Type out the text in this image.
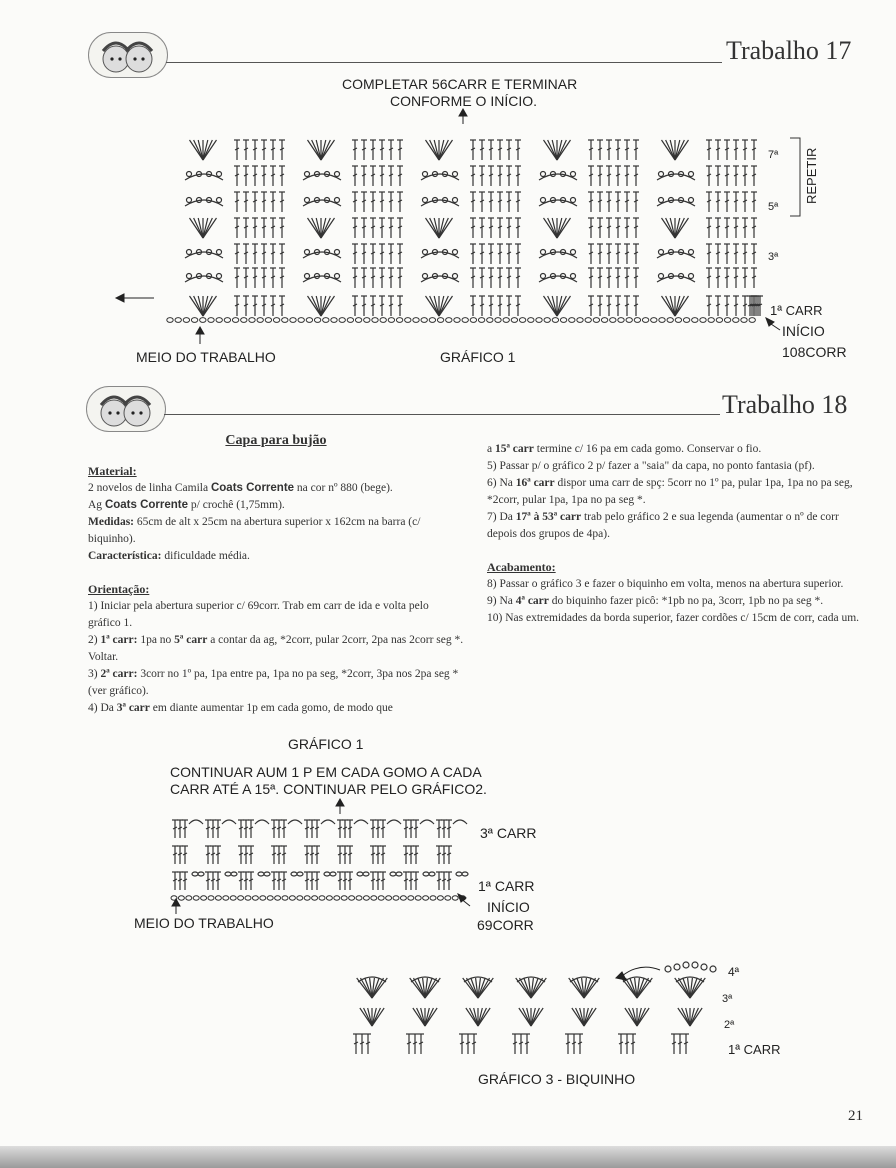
Trabalho 17
COMPLETAR 56CARR E TERMINAR
CONFORME O INÍCIO.
REPETIR
7ª
5ª
3ª
1ª CARR
INÍCIO
MEIO DO TRABALHO	GRÁFICO 1	108CORR
Trabalho 18

Capa para bujão

Material:

2 novelos de linha Camila Coats Corrente na cor nº 880 (bege).

Ag Coats Corrente p/ crochê (1,75mm).

Medidas: 65cm de alt x 25cm na abertura superior x 162cm na barra (c/ biquinho).

Característica: dificuldade média.

Orientação:

1) Iniciar pela abertura superior c/ 69corr. Trab em carr de ida e volta pelo gráfico 1.

2) 1ª carr: 1pa no 5ª carr a contar da ag, *2corr, pular 2corr, 2pa nas 2corr seg *. Voltar.

3) 2ª carr: 3corr no 1º pa, 1pa entre pa, 1pa no pa seg, *2corr, 3pa nos 2pa seg * (ver gráfico).

4) Da 3ª carr em diante aumentar 1p em cada gomo, de modo que

a 15ª carr termine c/ 16 pa em cada gomo. Conservar o fio.

5) Passar p/ o gráfico 2 p/ fazer a "saia" da capa, no ponto fantasia (pf).

6) Na 16ª carr dispor uma carr de spç: 5corr no 1º pa, pular 1pa, 1pa no pa seg, *2corr, pular 1pa, 1pa no pa seg *.

7) Da 17ª à 53ª carr trab pelo gráfico 2 e sua legenda (aumentar o nº de corr depois dos grupos de 4pa).

Acabamento:

8) Passar o gráfico 3 e fazer o biquinho em volta, menos na abertura superior.

9) Na 4ª carr do biquinho fazer picô: *1pb no pa, 3corr, 1pb no pa seg *.

10) Nas extremidades da borda superior, fazer cordões c/ 15cm de corr, cada um.

GRÁFICO 1
CONTINUAR AUM 1 P EM CADA GOMO A CADA
CARR ATÉ A 15ª. CONTINUAR PELO GRÁFICO2.
3ª CARR
1ª CARR
INÍCIO
69CORR
MEIO DO TRABALHO
4ª
3ª
2ª
1ª CARR
GRÁFICO 3 - BIQUINHO
21
